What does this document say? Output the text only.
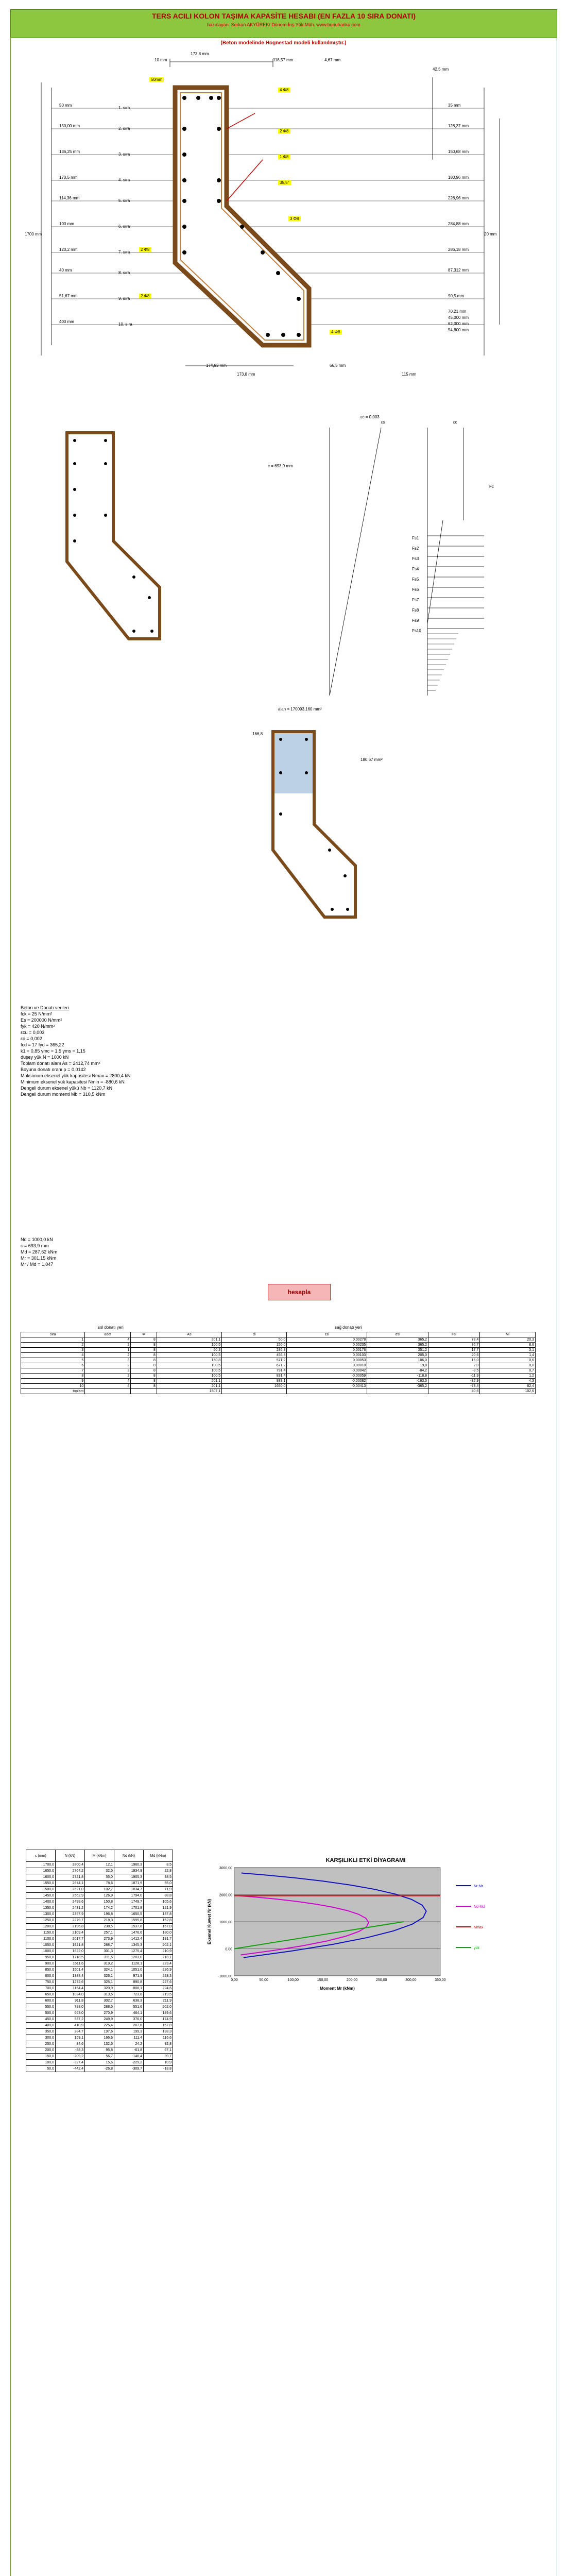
TERS ACILI KOLON TAŞIMA KAPASİTE HESABI (EN FAZLA 10 SIRA DONATI)
hazırlayan: Serkan AKYÜREK/ Dönem-İnş.Yük.Müh. www.bunuharika.com
(Beton modelinde Hognestad modeli kullanılmıştır.)
173,8 mm
10 mm	118,57 mm	4,67 mm
42,5 mm
1700 mm	20 mm
1. sıra
2. sıra
3. sıra
4. sıra
5. sıra
6. sıra
7. sıra
8. sıra
9. sıra
10. sıra
50 mm
150,00 mm
136,25 mm
170,5 mm
114,36 mm
100 mm
120,2 mm
40 mm
51,67 mm
400 mm
35 mm
128,37 mm
150,68 mm
180,96 mm
228,96 mm
284,88 mm
286,18 mm
87,312 mm
90,5 mm
70,21 mm
45,000 mm
62,000 mm
54,800 mm
50mm
4 Φ8
2 Φ8
1 Φ8
35,5°
3 Φ8
2 Φ8
2 Φ8
4 Φ8
174,83 mm	66,5 mm
173,8 mm	115 mm
εc = 0,003
c = 693,9 mm
εc
εs
Fc
Fs1
Fs2
Fs3
Fs4
Fs5
Fs6
Fs7
Fs8
Fs9
Fs10
alan = 170093,160 mm²
166,8
180,67 mm²
Beton ve Donatı verileri
fck = 25 N/mm²
Es = 200000 N/mm²
fyk = 420 N/mm²
εcu = 0,003
εo = 0,002
fcd = 17 fyd = 365,22
k1 = 0,85 γmc = 1,5 γms = 1,15
düşey yük N = 1000 kN
Toplam donatı alanı As = 2412,74 mm²
Boyuna donatı oranı ρ = 0,0142
Maksimum eksenel yük kapasitesi Nmax = 2800,4 kN
Minimum eksenel yük kapasitesi Nmin = -880,6 kN
Dengeli durum eksenel yükü Nb = 1120,7 kN
Dengeli durum momenti Mb = 310,5 kNm
hesapla
Nd = 1000,0 kN
c = 693,9 mm
Md = 287,62 kNm
Mr = 301,15 kNm
Mr / Md = 1,047
sol donatı yeri	sağ donatı yeri
sıra	adet	Φ	As	di	εsi	σsi	Fsi	Mi
1	4	8	201,1	50,0	0,00278	365,2	73,4	20,3
2	2	8	100,5	150,0	0,00235	365,2	36,7	8,6
3	1	8	50,3	286,3	0,00176	351,2	17,7	3,1
4	2	8	100,5	456,8	0,00103	205,0	20,6	1,4
5	3	8	150,8	571,2	0,00053	106,0	16,0	0,6
6	2	8	100,5	671,2	0,00010	19,8	2,0	0,0
7	2	8	100,5	791,4	-0,00042	-84,2	-8,5	0,7
8	2	8	100,5	831,4	-0,00059	-118,8	-11,9	1,2
9	4	8	201,1	883,1	-0,00082	-163,5	-32,9	4,3
10	4	8	201,1	1650,0	-0,00413	-365,2	-73,4	62,4
toplam			1507,1				40,6	102,6
c (mm)	N (kN)	M (kNm)	Nd (kN)	Md (kNm)
1700,0	2800,4	12,1	1960,3	8,5
1650,0	2764,2	32,5	1934,9	22,8
1600,0	2721,8	55,0	1905,3	38,5
1550,0	2674,1	78,6	1871,9	55,0
1500,0	2621,0	102,7	1834,7	71,9
1450,0	2562,9	126,9	1794,0	88,8
1400,0	2499,6	150,8	1749,7	105,6
1350,0	2431,2	174,2	1701,8	121,9
1300,0	2357,9	196,8	1650,5	137,8
1250,0	2279,7	218,3	1595,8	152,8
1200,0	2196,8	238,5	1537,8	167,0
1150,0	2109,4	257,1	1476,6	180,0
1100,0	2017,7	273,9	1412,4	191,7
1050,0	1921,8	288,7	1345,3	202,1
1000,0	1822,0	301,3	1275,4	210,9
950,0	1718,5	311,5	1203,0	218,1
900,0	1611,6	319,2	1128,1	223,4
850,0	1501,4	324,1	1051,0	226,9
800,0	1388,4	326,1	971,9	228,3
750,0	1272,6	325,1	890,8	227,6
700,0	1154,4	320,9	808,1	224,6
650,0	1034,0	313,5	723,8	219,5
600,0	911,8	302,7	638,3	211,9
550,0	788,0	288,5	551,6	202,0
500,0	663,0	270,9	464,1	189,6
450,0	537,2	249,9	376,0	174,9
400,0	410,9	225,4	287,6	157,8
350,0	284,7	197,6	199,3	138,3
300,0	159,1	166,6	111,4	116,6
250,0	34,6	132,6	24,2	92,8
200,0	-88,3	95,8	-61,8	67,1
150,0	-209,2	56,7	-146,4	39,7
100,0	-327,4	15,6	-229,2	10,9
50,0	-442,4	-26,8	-309,7	-18,8
KARŞILIKLI ETKİ DİYAGRAMI
-1000,00
0,00
1000,00
2000,00
3000,00
0,00	50,00	100,00	150,00	200,00	250,00	300,00	350,00
Moment Mr (kNm)
Eksenel Kuvvet Nr (kN)
Nr-Mr
Nd-Md
Nmax
yük
